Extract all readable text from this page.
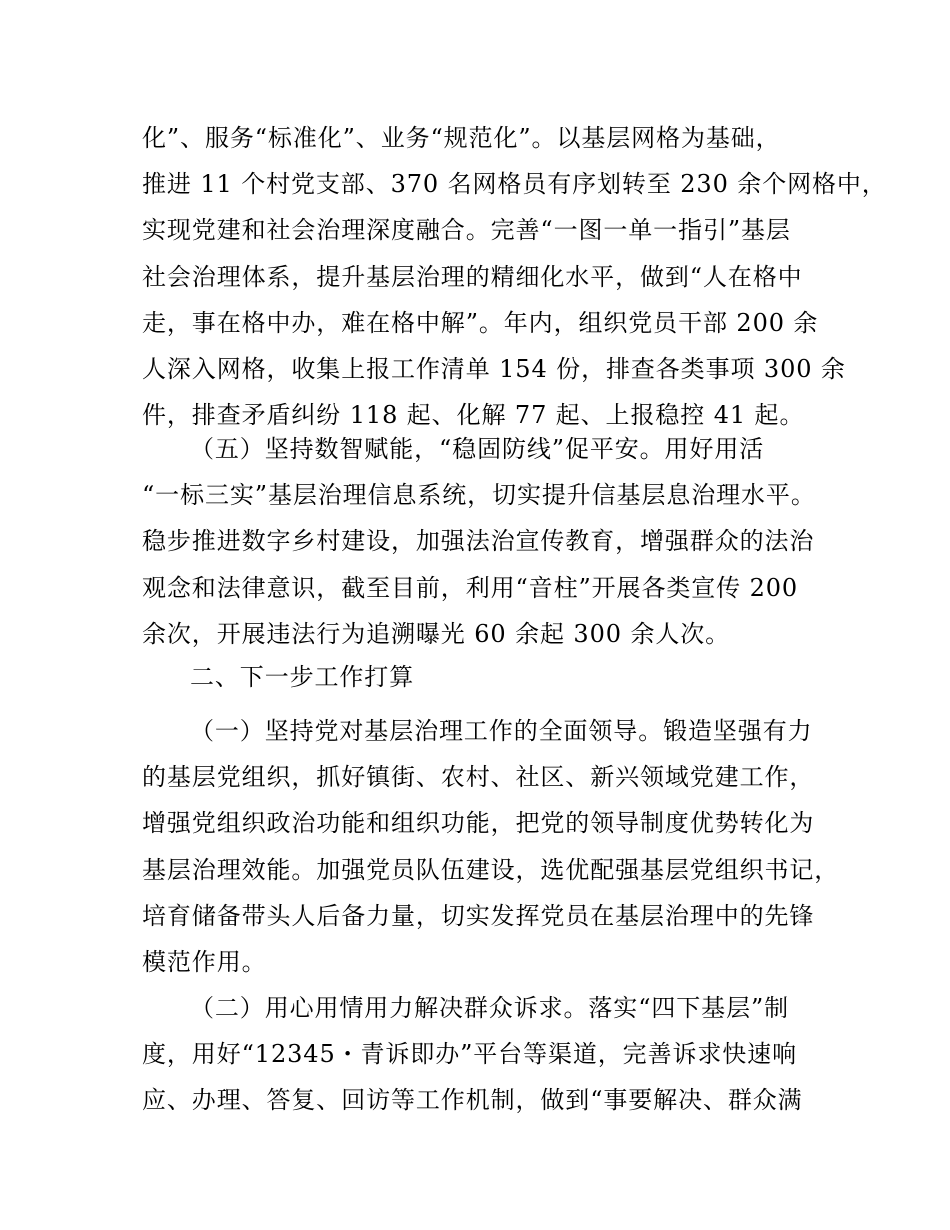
化”、服务“标准化”、业务“规范化”。以基层网格为基础，
推进 11 个村党支部、370 名网格员有序划转至 230 余个网格中，
实现党建和社会治理深度融合。完善“一图一单一指引”基层
社会治理体系，提升基层治理的精细化水平，做到“人在格中
走，事在格中办，难在格中解”。年内，组织党员干部 200 余
人深入网格，收集上报工作清单 154 份，排查各类事项 300 余
件，排查矛盾纠纷 118 起、化解 77 起、上报稳控 41 起。
（五）坚持数智赋能，“稳固防线”促平安。用好用活
“一标三实”基层治理信息系统，切实提升信基层息治理水平。
稳步推进数字乡村建设，加强法治宣传教育，增强群众的法治
观念和法律意识，截至目前，利用“音柱”开展各类宣传 200
余次，开展违法行为追溯曝光 60 余起 300 余人次。
二、下一步工作打算
（一）坚持党对基层治理工作的全面领导。锻造坚强有力
的基层党组织，抓好镇街、农村、社区、新兴领域党建工作，
增强党组织政治功能和组织功能，把党的领导制度优势转化为
基层治理效能。加强党员队伍建设，选优配强基层党组织书记，
培育储备带头人后备力量，切实发挥党员在基层治理中的先锋
模范作用。
（二）用心用情用力解决群众诉求。落实“四下基层”制
度，用好“12345・青诉即办”平台等渠道，完善诉求快速响
应、办理、答复、回访等工作机制，做到“事要解决、群众满
